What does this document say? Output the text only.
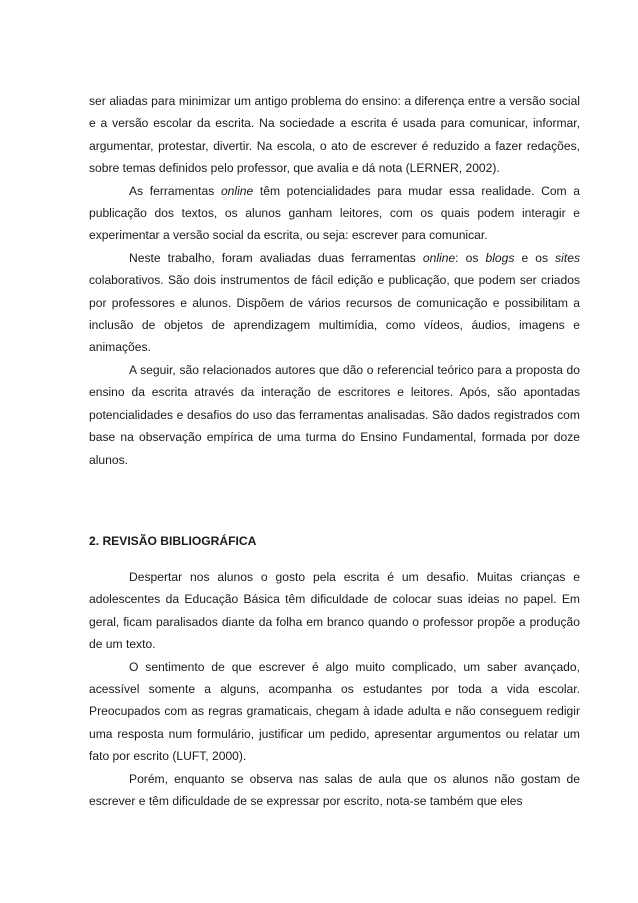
ser aliadas para minimizar um antigo problema do ensino: a diferença entre a versão social e a versão escolar da escrita. Na sociedade a escrita é usada para comunicar, informar, argumentar, protestar, divertir. Na escola, o ato de escrever é reduzido a fazer redações, sobre temas definidos pelo professor, que avalia e dá nota (LERNER, 2002).

As ferramentas online têm potencialidades para mudar essa realidade. Com a publicação dos textos, os alunos ganham leitores, com os quais podem interagir e experimentar a versão social da escrita, ou seja: escrever para comunicar.

Neste trabalho, foram avaliadas duas ferramentas online: os blogs e os sites colaborativos. São dois instrumentos de fácil edição e publicação, que podem ser criados por professores e alunos. Dispõem de vários recursos de comunicação e possibilitam a inclusão de objetos de aprendizagem multimídia, como vídeos, áudios, imagens e animações.

A seguir, são relacionados autores que dão o referencial teórico para a proposta do ensino da escrita através da interação de escritores e leitores. Após, são apontadas potencialidades e desafios do uso das ferramentas analisadas. São dados registrados com base na observação empírica de uma turma do Ensino Fundamental, formada por doze alunos.

2. REVISÃO BIBLIOGRÁFICA

Despertar nos alunos o gosto pela escrita é um desafio. Muitas crianças e adolescentes da Educação Básica têm dificuldade de colocar suas ideias no papel. Em geral, ficam paralisados diante da folha em branco quando o professor propõe a produção de um texto.

O sentimento de que escrever é algo muito complicado, um saber avançado, acessível somente a alguns, acompanha os estudantes por toda a vida escolar. Preocupados com as regras gramaticais, chegam à idade adulta e não conseguem redigir uma resposta num formulário, justificar um pedido, apresentar argumentos ou relatar um fato por escrito (LUFT, 2000).

Porém, enquanto se observa nas salas de aula que os alunos não gostam de escrever e têm dificuldade de se expressar por escrito, nota-se também que eles
